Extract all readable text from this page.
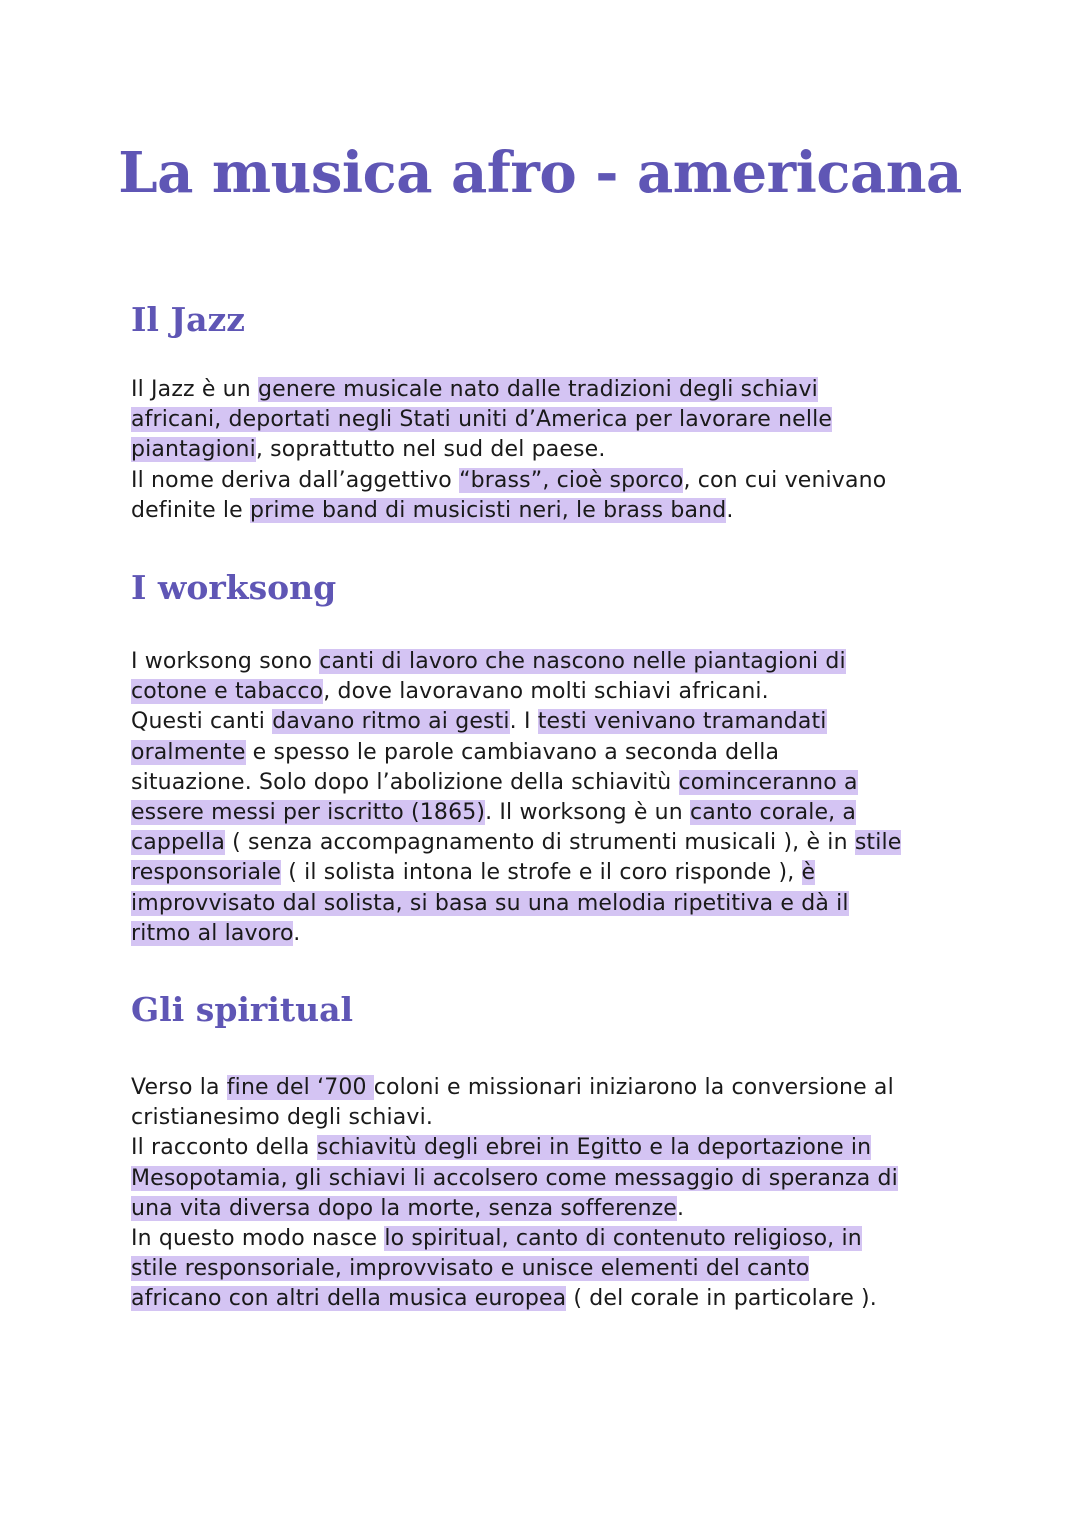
La musica afro - americana
Il Jazz
Il Jazz è un genere musicale nato dalle tradizioni degli schiavi
africani, deportati negli Stati uniti d’America per lavorare nelle
piantagioni, soprattutto nel sud del paese.
Il nome deriva dall’aggettivo “brass”, cioè sporco, con cui venivano
definite le prime band di musicisti neri, le brass band.
I worksong
I worksong sono canti di lavoro che nascono nelle piantagioni di
cotone e tabacco, dove lavoravano molti schiavi africani.
Questi canti davano ritmo ai gesti. I testi venivano tramandati
oralmente e spesso le parole cambiavano a seconda della
situazione. Solo dopo l’abolizione della schiavitù cominceranno a
essere messi per iscritto (1865). Il worksong è un canto corale, a
cappella ( senza accompagnamento di strumenti musicali ), è in stile
responsoriale ( il solista intona le strofe e il coro risponde ), è
improvvisato dal solista, si basa su una melodia ripetitiva e dà il
ritmo al lavoro.
Gli spiritual
Verso la fine del ‘700 coloni e missionari iniziarono la conversione al
cristianesimo degli schiavi.
Il racconto della schiavitù degli ebrei in Egitto e la deportazione in
Mesopotamia, gli schiavi li accolsero come messaggio di speranza di
una vita diversa dopo la morte, senza sofferenze.
In questo modo nasce lo spiritual, canto di contenuto religioso, in
stile responsoriale, improvvisato e unisce elementi del canto
africano con altri della musica europea ( del corale in particolare ).
